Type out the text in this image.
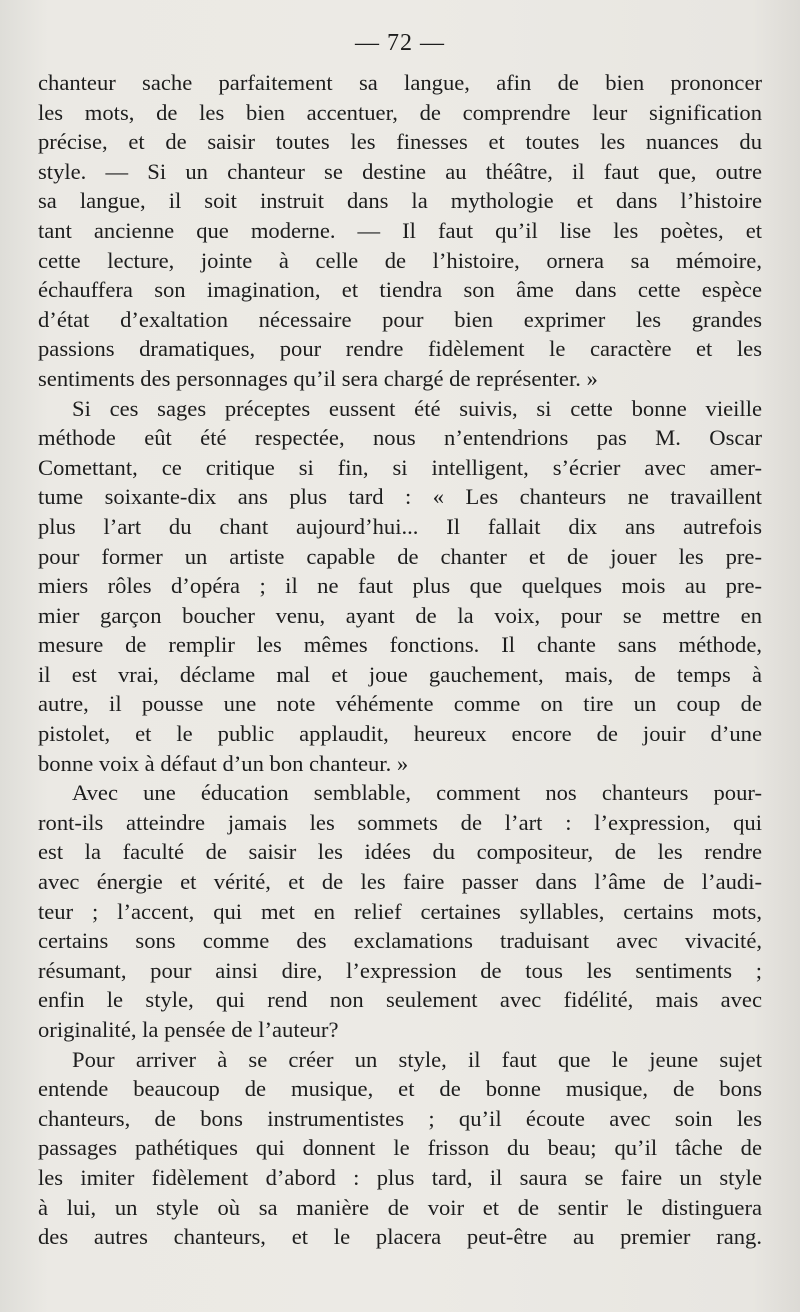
— 72 —
chanteur sache parfaitement sa langue, afin de bien prononcer
les mots, de les bien accentuer, de comprendre leur signification
précise, et de saisir toutes les finesses et toutes les nuances du
style. — Si un chanteur se destine au théâtre, il faut que, outre
sa langue, il soit instruit dans la mythologie et dans l’histoire
tant ancienne que moderne. — Il faut qu’il lise les poètes, et
cette lecture, jointe à celle de l’histoire, ornera sa mémoire,
échauffera son imagination, et tiendra son âme dans cette espèce
d’état d’exaltation nécessaire pour bien exprimer les grandes
passions dramatiques, pour rendre fidèlement le caractère et les
sentiments des personnages qu’il sera chargé de représenter. »
Si ces sages préceptes eussent été suivis, si cette bonne vieille
méthode eût été respectée, nous n’entendrions pas M. Oscar
Comettant, ce critique si fin, si intelligent, s’écrier avec amer-
tume soixante-dix ans plus tard : « Les chanteurs ne travaillent
plus l’art du chant aujourd’hui... Il fallait dix ans autrefois
pour former un artiste capable de chanter et de jouer les pre-
miers rôles d’opéra ; il ne faut plus que quelques mois au pre-
mier garçon boucher venu, ayant de la voix, pour se mettre en
mesure de remplir les mêmes fonctions. Il chante sans méthode,
il est vrai, déclame mal et joue gauchement, mais, de temps à
autre, il pousse une note véhémente comme on tire un coup de
pistolet, et le public applaudit, heureux encore de jouir d’une
bonne voix à défaut d’un bon chanteur. »
Avec une éducation semblable, comment nos chanteurs pour-
ront-ils atteindre jamais les sommets de l’art : l’expression, qui
est la faculté de saisir les idées du compositeur, de les rendre
avec énergie et vérité, et de les faire passer dans l’âme de l’audi-
teur ; l’accent, qui met en relief certaines syllables, certains mots,
certains sons comme des exclamations traduisant avec vivacité,
résumant, pour ainsi dire, l’expression de tous les sentiments ;
enfin le style, qui rend non seulement avec fidélité, mais avec
originalité, la pensée de l’auteur?
Pour arriver à se créer un style, il faut que le jeune sujet
entende beaucoup de musique, et de bonne musique, de bons
chanteurs, de bons instrumentistes ; qu’il écoute avec soin les
passages pathétiques qui donnent le frisson du beau; qu’il tâche de
les imiter fidèlement d’abord : plus tard, il saura se faire un style
à lui, un style où sa manière de voir et de sentir le distinguera
des autres chanteurs, et le placera peut-être au premier rang.
